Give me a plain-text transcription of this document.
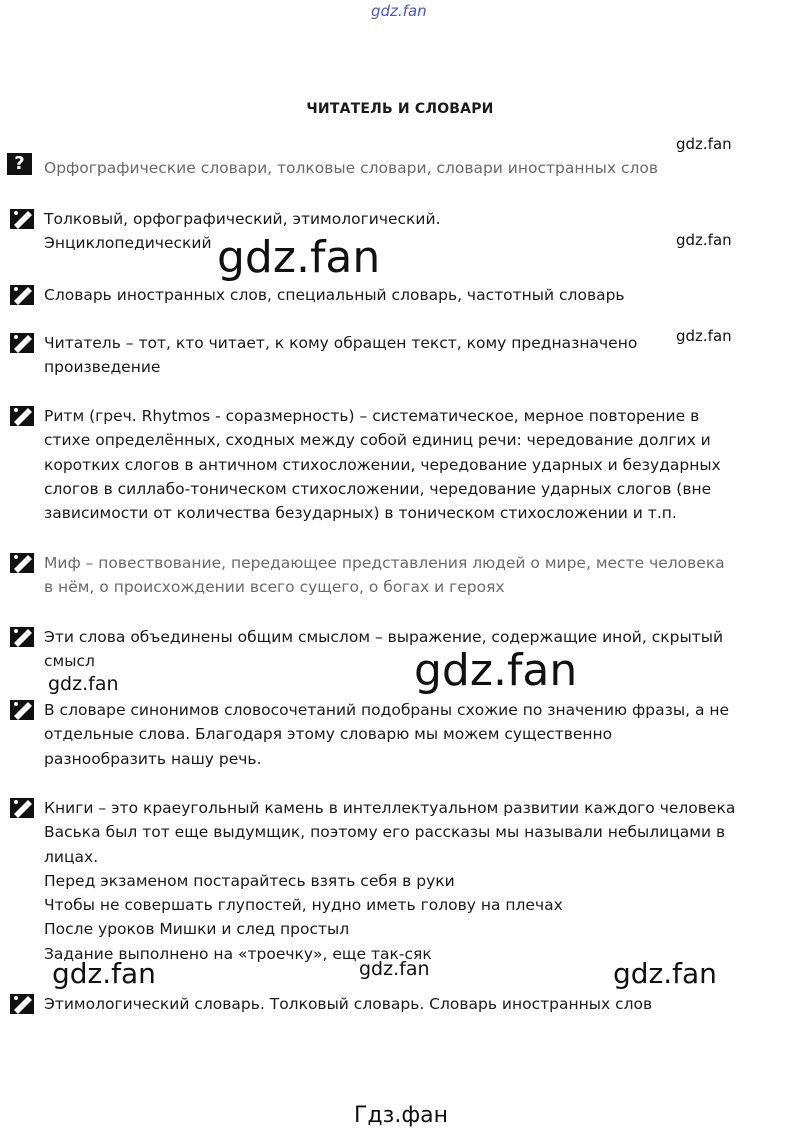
gdz.fan
gdz.fan
gdz.fan
gdz.fan
gdz.fan
gdz.fan
gdz.fan
gdz.fan	gdz.fan	gdz.fan
Гдз.фан
ЧИТАТЕЛЬ И СЛОВАРИ
?	Орфографические словари, толковые словари, словари иностранных слов
Толковый, орфографический, этимологический.
Энциклопедический
Словарь иностранных слов, специальный словарь, частотный словарь
Читатель – тот, кто читает, к кому обращен текст, кому предназначено
произведение
Ритм (греч. Rhytmos - соразмерность) – систематическое, мерное повторение в
стихе определённых, сходных между собой единиц речи: чередование долгих и
коротких слогов в античном стихосложении, чередование ударных и безударных
слогов в силлабо-тоническом стихосложении, чередование ударных слогов (вне
зависимости от количества безударных) в тоническом стихосложении и т.п.
Миф – повествование, передающее представления людей о мире, месте человека
в нём, о происхождении всего сущего, о богах и героях
Эти слова объединены общим смыслом – выражение, содержащие иной, скрытый
смысл
В словаре синонимов словосочетаний подобраны схожие по значению фразы, а не
отдельные слова. Благодаря этому словарю мы можем существенно
разнообразить нашу речь.
Книги – это краеугольный камень в интеллектуальном развитии каждого человека
Васька был тот еще выдумщик, поэтому его рассказы мы называли небылицами в
лицах.
Перед экзаменом постарайтесь взять себя в руки
Чтобы не совершать глупостей, нудно иметь голову на плечах
После уроков Мишки и след простыл
Задание выполнено на «троечку», еще так-сяк
Этимологический словарь. Толковый словарь. Словарь иностранных слов
